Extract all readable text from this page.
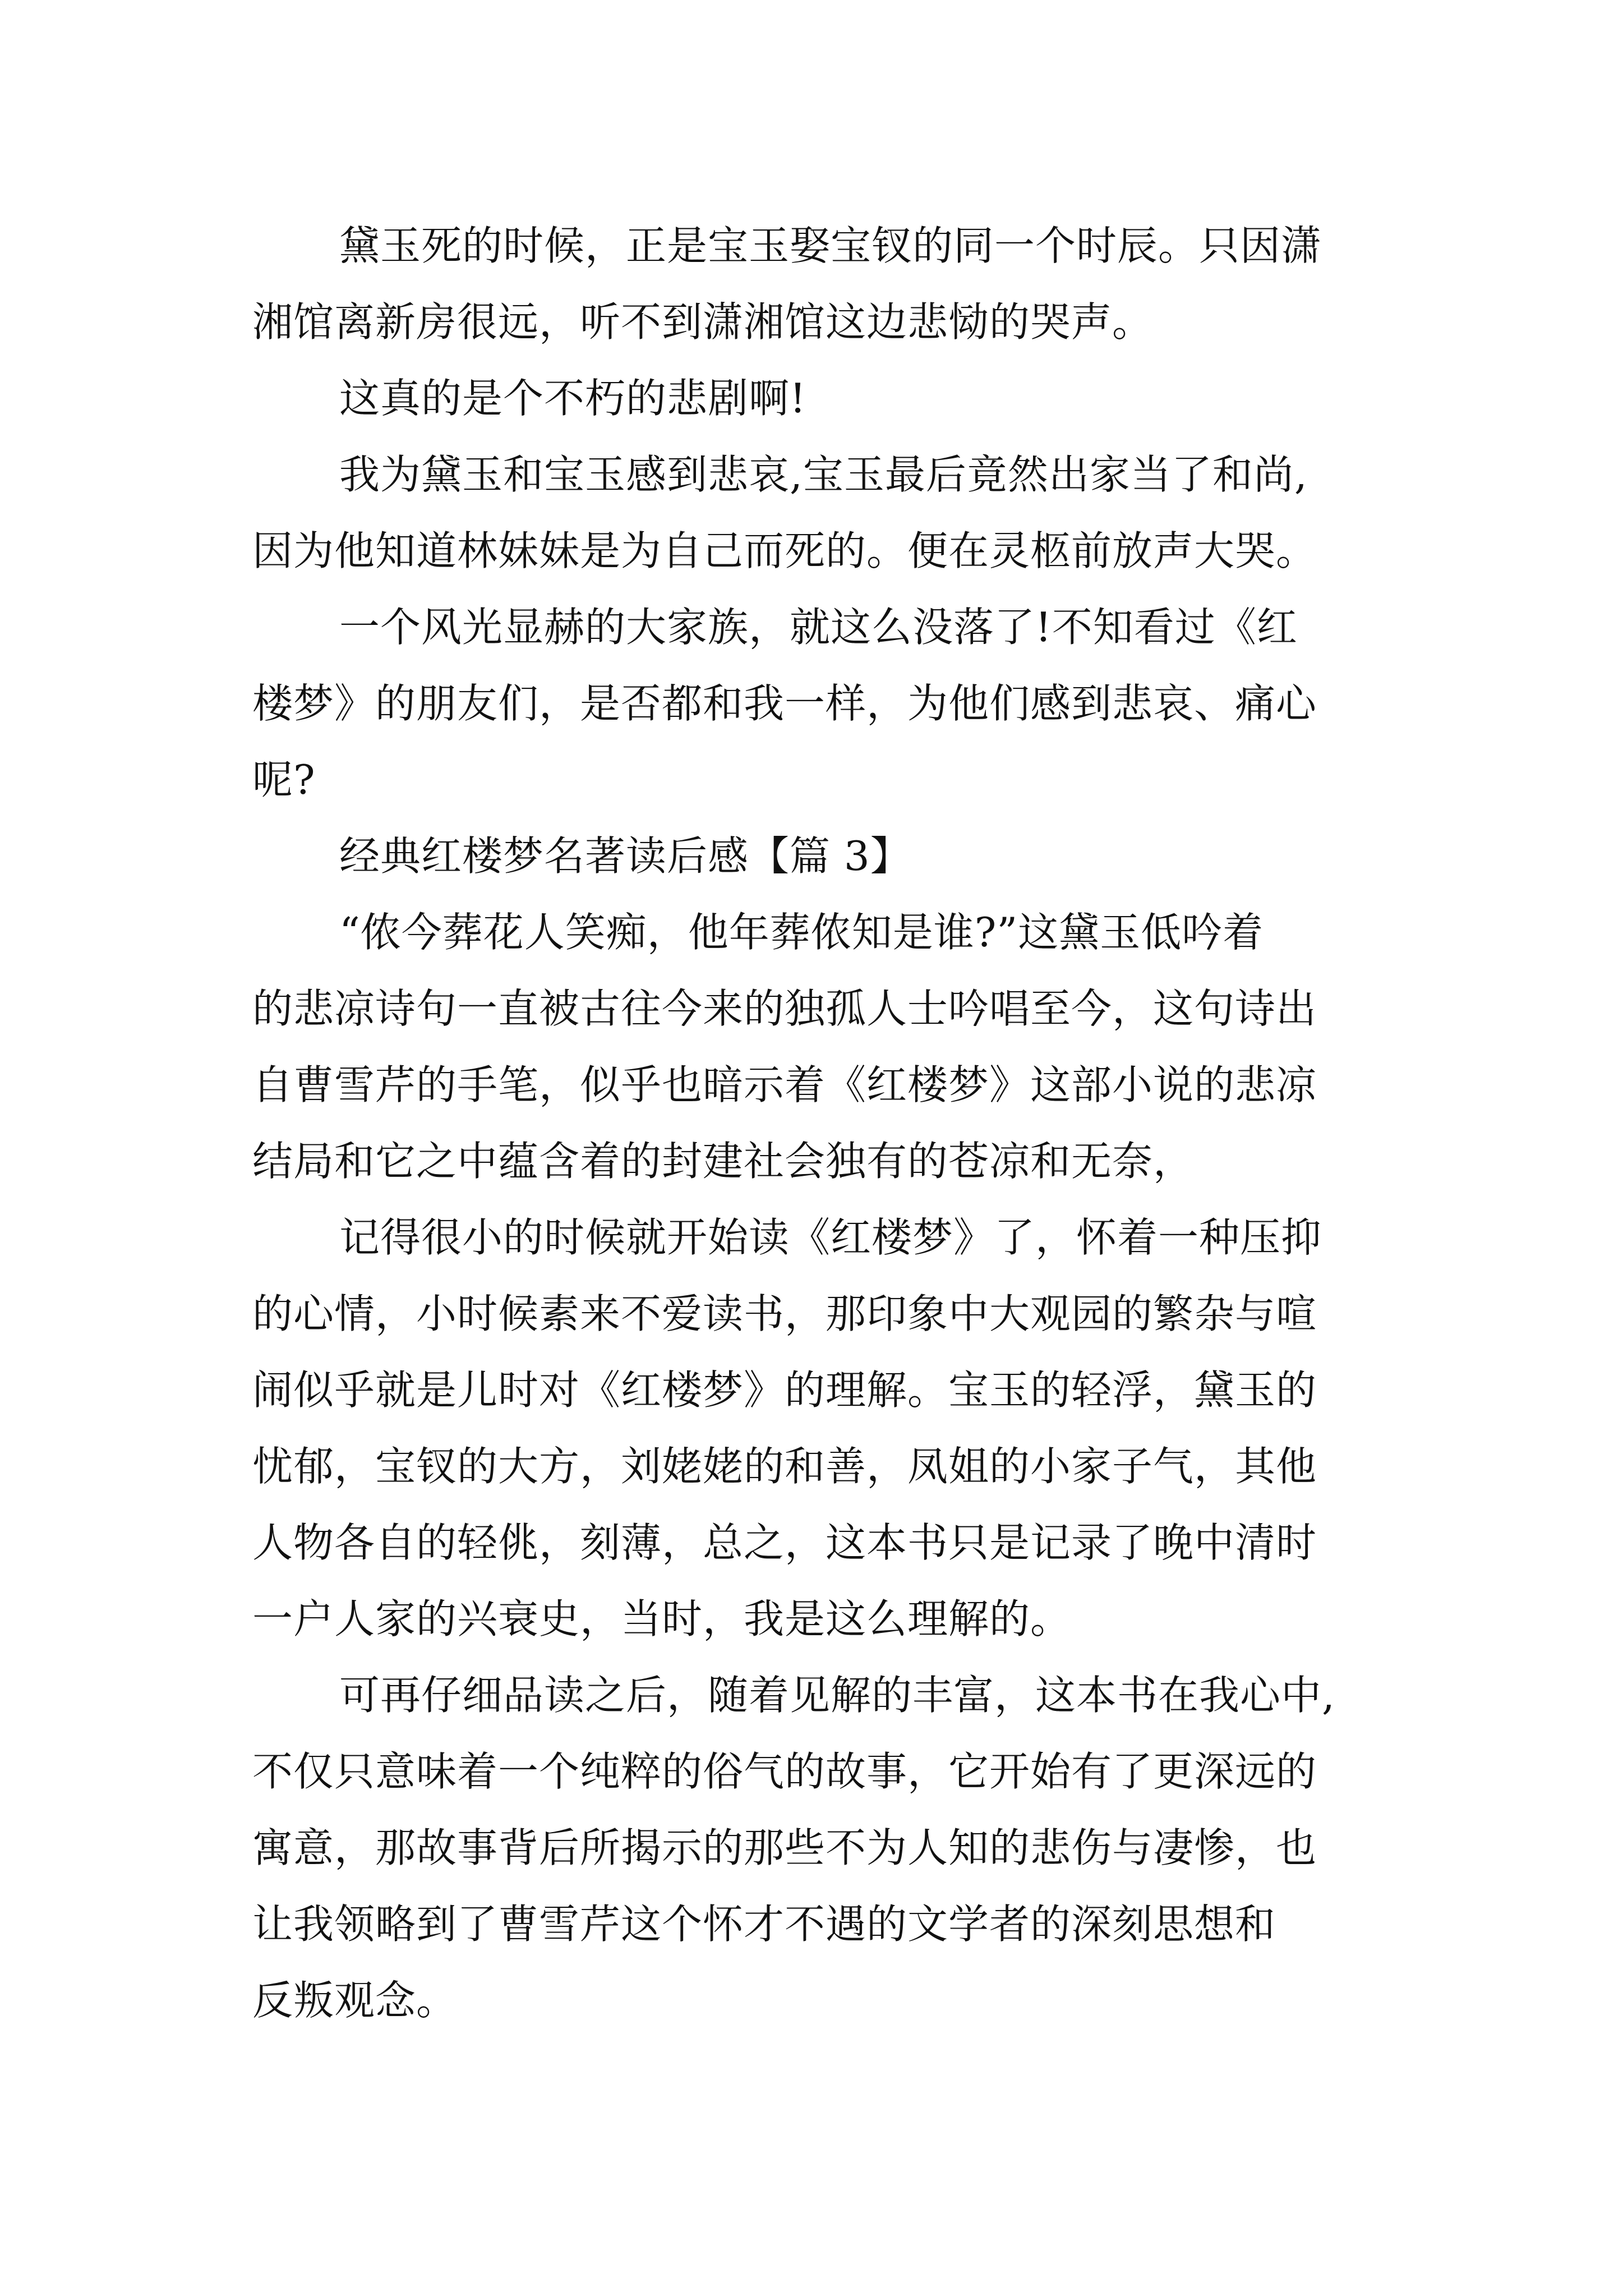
黛玉死的时候，正是宝玉娶宝钗的同一个时辰。只因潇
湘馆离新房很远，听不到潇湘馆这边悲恸的哭声。

这真的是个不朽的悲剧啊!

我为黛玉和宝玉感到悲哀,宝玉最后竟然出家当了和尚,
因为他知道林妹妹是为自己而死的。便在灵柩前放声大哭。

一个风光显赫的大家族，就这么没落了!不知看过《红
楼梦》的朋友们，是否都和我一样，为他们感到悲哀、痛心
呢?

经典红楼梦名著读后感【篇 3】

“侬今葬花人笑痴，他年葬侬知是谁?”这黛玉低吟着
的悲凉诗句一直被古往今来的独孤人士吟唱至今，这句诗出
自曹雪芹的手笔，似乎也暗示着《红楼梦》这部小说的悲凉
结局和它之中蕴含着的封建社会独有的苍凉和无奈，

记得很小的时候就开始读《红楼梦》了，怀着一种压抑
的心情，小时候素来不爱读书，那印象中大观园的繁杂与喧
闹似乎就是儿时对《红楼梦》的理解。宝玉的轻浮，黛玉的
忧郁，宝钗的大方，刘姥姥的和善，凤姐的小家子气，其他
人物各自的轻佻，刻薄，总之，这本书只是记录了晚中清时
一户人家的兴衰史，当时，我是这么理解的。

可再仔细品读之后，随着见解的丰富，这本书在我心中,
不仅只意味着一个纯粹的俗气的故事，它开始有了更深远的
寓意，那故事背后所揭示的那些不为人知的悲伤与凄惨，也
让我领略到了曹雪芹这个怀才不遇的文学者的深刻思想和
反叛观念。
